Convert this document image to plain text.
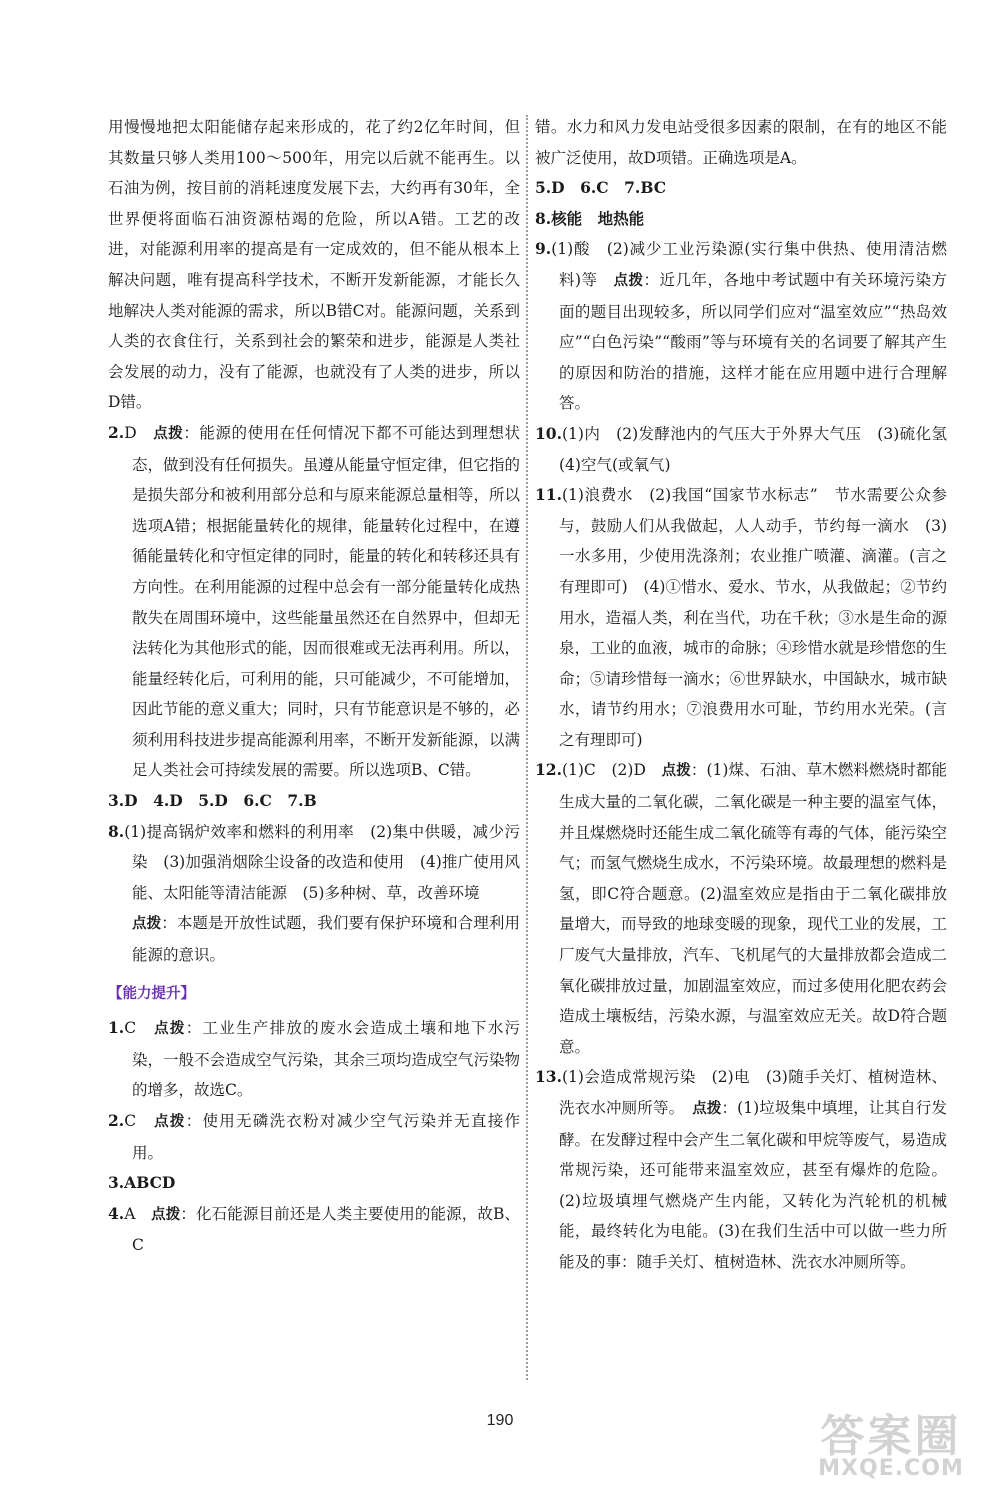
用慢慢地把太阳能储存起来形成的，花了约2亿年时间，但其数量只够人类用100～500年，用完以后就不能再生。以石油为例，按目前的消耗速度发展下去，大约再有30年，全世界便将面临石油资源枯竭的危险，所以A错。工艺的改进，对能源利用率的提高是有一定成效的，但不能从根本上解决问题，唯有提高科学技术，不断开发新能源，才能长久地解决人类对能源的需求，所以B错C对。能源问题，关系到人类的衣食住行，关系到社会的繁荣和进步，能源是人类社会发展的动力，没有了能源，也就没有了人类的进步，所以D错。

2.D　 点拨：能源的使用在任何情况下都不可能达到理想状态，做到没有任何损失。虽遵从能量守恒定律，但它指的是损失部分和被利用部分总和与原来能源总量相等，所以选项A错；根据能量转化的规律，能量转化过程中，在遵循能量转化和守恒定律的同时，能量的转化和转移还具有方向性。在利用能源的过程中总会有一部分能量转化成热散失在周围环境中，这些能量虽然还在自然界中，但却无法转化为其他形式的能，因而很难或无法再利用。所以，能量经转化后，可利用的能，只可能减少，不可能增加，因此节能的意义重大；同时，只有节能意识是不够的，必须利用科技进步提高能源利用率，不断开发新能源，以满足人类社会可持续发展的需要。所以选项B、C错。

3.D　4.D　5.D　6.C　7.B

8.(1)提高锅炉效率和燃料的利用率　(2)集中供暖，减少污染　(3)加强消烟除尘设备的改造和使用　(4)推广使用风能、太阳能等清洁能源　(5)多种树、草，改善环境

点拨：本题是开放性试题，我们要有保护环境和合理利用能源的意识。

【能力提升】

1.C　 点拨：工业生产排放的废水会造成土壤和地下水污染，一般不会造成空气污染，其余三项均造成空气污染物的增多，故选C。

2.C　 点拨：使用无磷洗衣粉对减少空气污染并无直接作用。

3.ABCD

4.A　 点拨：化石能源目前还是人类主要使用的能源，故B、C

错。水力和风力发电站受很多因素的限制，在有的地区不能被广泛使用，故D项错。正确选项是A。

5.D　6.C　7.BC

8.核能　地热能

9.(1)酸　(2)减少工业污染源(实行集中供热、使用清洁燃料)等　 点拨：近几年，各地中考试题中有关环境污染方面的题目出现较多，所以同学们应对“温室效应”“热岛效应”“白色污染”“酸雨”等与环境有关的名词要了解其产生的原因和防治的措施，这样才能在应用题中进行合理解答。

10.(1)内　(2)发酵池内的气压大于外界大气压　(3)硫化氢　(4)空气(或氧气)

11.(1)浪费水　(2)我国“国家节水标志”　节水需要公众参与，鼓励人们从我做起，人人动手，节约每一滴水　(3)一水多用，少使用洗涤剂；农业推广喷灌、滴灌。(言之有理即可)　(4)①惜水、爱水、节水，从我做起；②节约用水，造福人类，利在当代，功在千秋；③水是生命的源泉，工业的血液，城市的命脉；④珍惜水就是珍惜您的生命；⑤请珍惜每一滴水；⑥世界缺水，中国缺水，城市缺水，请节约用水；⑦浪费用水可耻，节约用水光荣。(言之有理即可)

12.(1)C　(2)D　 点拨：(1)煤、石油、草木燃料燃烧时都能生成大量的二氧化碳，二氧化碳是一种主要的温室气体，并且煤燃烧时还能生成二氧化硫等有毒的气体，能污染空气；而氢气燃烧生成水，不污染环境。故最理想的燃料是氢，即C符合题意。(2)温室效应是指由于二氧化碳排放量增大，而导致的地球变暖的现象，现代工业的发展，工厂废气大量排放，汽车、飞机尾气的大量排放都会造成二氧化碳排放过量，加剧温室效应，而过多使用化肥农药会造成土壤板结，污染水源，与温室效应无关。故D符合题意。

13.(1)会造成常规污染　(2)电　(3)随手关灯、植树造林、洗衣水冲厕所等。　 点拨：(1)垃圾集中填埋，让其自行发酵。在发酵过程中会产生二氧化碳和甲烷等废气，易造成常规污染，还可能带来温室效应，甚至有爆炸的危险。(2)垃圾填埋气燃烧产生内能，又转化为汽轮机的机械能，最终转化为电能。(3)在我们生活中可以做一些力所能及的事：随手关灯、植树造林、洗衣水冲厕所等。

190	答案圈
MXQE.COM
